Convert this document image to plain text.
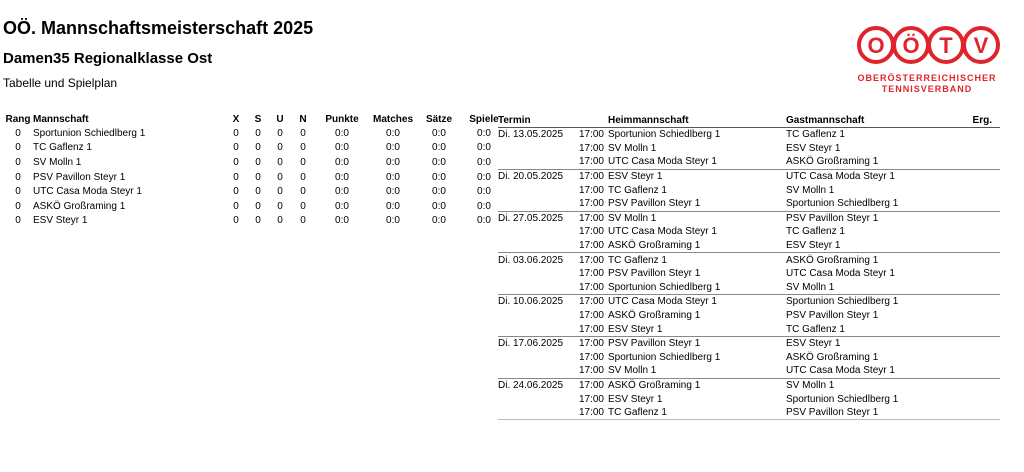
OÖ. Mannschaftsmeisterschaft 2025
Damen35 Regionalklasse Ost
Tabelle und Spielplan
O Ö T V
OBERÖSTERREICHISCHER
TENNISVERBAND
Rang	Mannschaft	X	S	U	N	Punkte	Matches	Sätze	Spiele
0	Sportunion Schiedlberg 1	0	0	0	0	0:0	0:0	0:0	0:0
0	TC Gaflenz 1	0	0	0	0	0:0	0:0	0:0	0:0
0	SV Molln 1	0	0	0	0	0:0	0:0	0:0	0:0
0	PSV Pavillon Steyr 1	0	0	0	0	0:0	0:0	0:0	0:0
0	UTC Casa Moda Steyr 1	0	0	0	0	0:0	0:0	0:0	0:0
0	ASKÖ Großraming 1	0	0	0	0	0:0	0:0	0:0	0:0
0	ESV Steyr 1	0	0	0	0	0:0	0:0	0:0	0:0
Termin	Heimmannschaft	Gastmannschaft	Erg.
Di. 13.05.2025 17:00	Sportunion Schiedlberg 1	TC Gaflenz 1	

17:00	SV Molln 1	ESV Steyr 1	

17:00	UTC Casa Moda Steyr 1	ASKÖ Großraming 1	
Di. 20.05.2025 17:00	ESV Steyr 1	UTC Casa Moda Steyr 1	

17:00	TC Gaflenz 1	SV Molln 1	

17:00	PSV Pavillon Steyr 1	Sportunion Schiedlberg 1	
Di. 27.05.2025 17:00	SV Molln 1	PSV Pavillon Steyr 1	

17:00	UTC Casa Moda Steyr 1	TC Gaflenz 1	

17:00	ASKÖ Großraming 1	ESV Steyr 1	
Di. 03.06.2025 17:00	TC Gaflenz 1	ASKÖ Großraming 1	

17:00	PSV Pavillon Steyr 1	UTC Casa Moda Steyr 1	

17:00	Sportunion Schiedlberg 1	SV Molln 1	
Di. 10.06.2025 17:00	UTC Casa Moda Steyr 1	Sportunion Schiedlberg 1	

17:00	ASKÖ Großraming 1	PSV Pavillon Steyr 1	

17:00	ESV Steyr 1	TC Gaflenz 1	
Di. 17.06.2025 17:00	PSV Pavillon Steyr 1	ESV Steyr 1	

17:00	Sportunion Schiedlberg 1	ASKÖ Großraming 1	

17:00	SV Molln 1	UTC Casa Moda Steyr 1	
Di. 24.06.2025 17:00	ASKÖ Großraming 1	SV Molln 1	

17:00	ESV Steyr 1	Sportunion Schiedlberg 1	

17:00	TC Gaflenz 1	PSV Pavillon Steyr 1	
